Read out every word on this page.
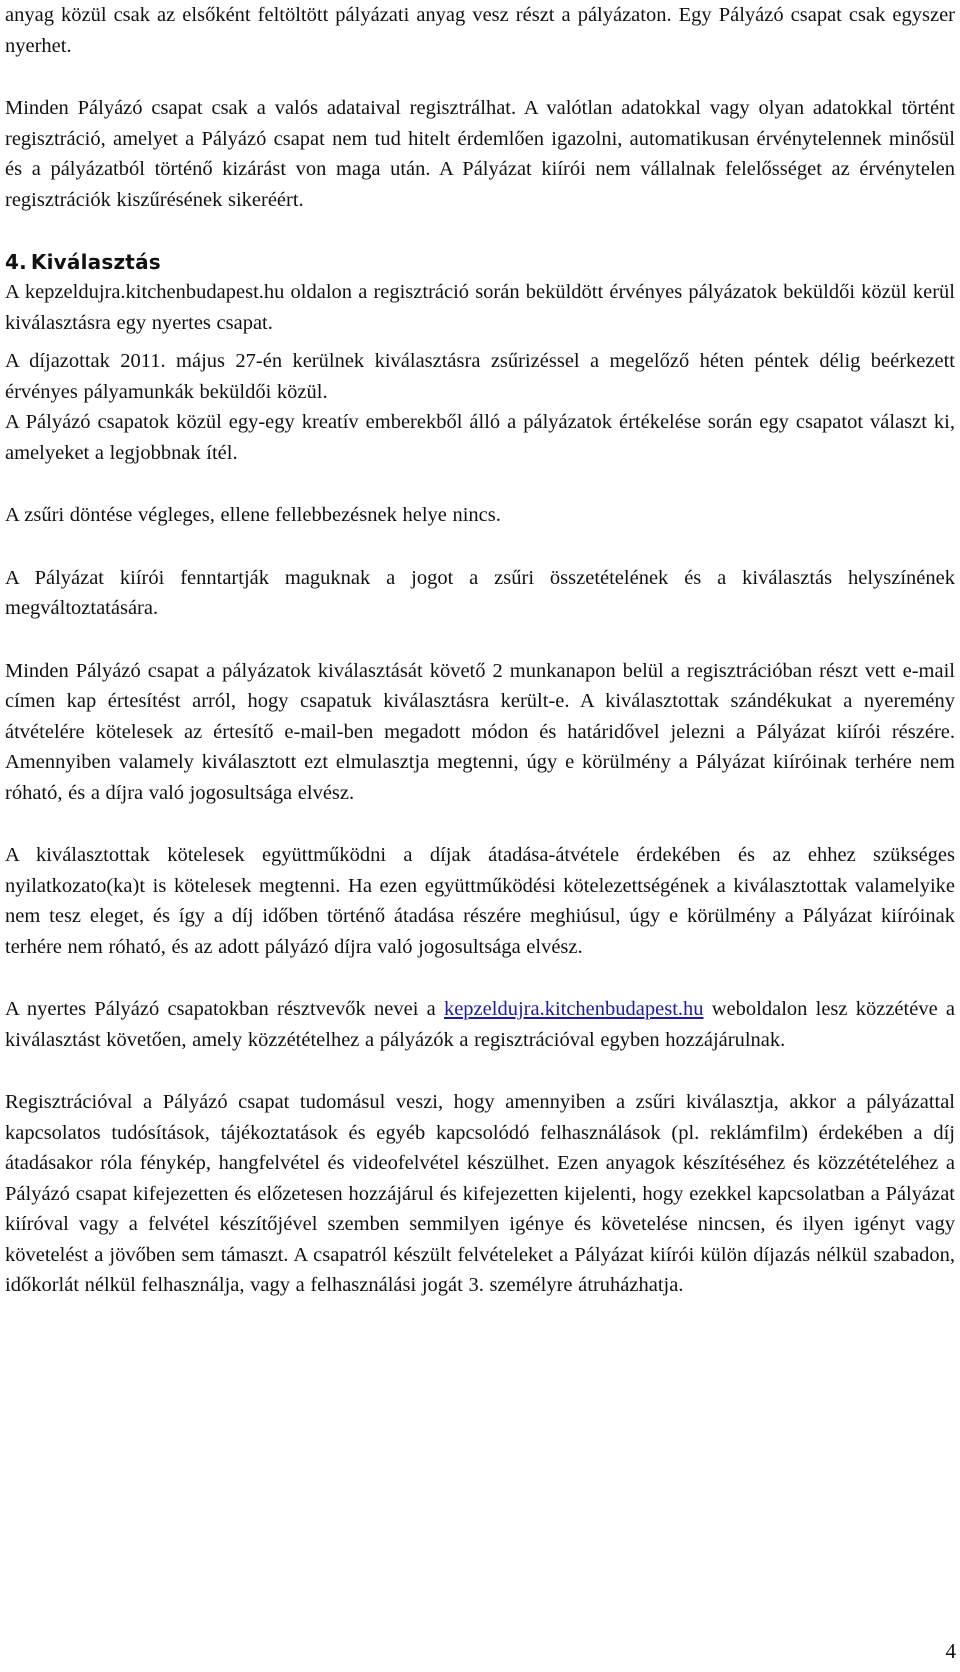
anyag közül csak az elsőként feltöltött pályázati anyag vesz részt a pályázaton. Egy Pályázó csapat csak egyszer nyerhet.

Minden Pályázó csapat csak a valós adataival regisztrálhat. A valótlan adatokkal vagy olyan adatokkal történt regisztráció, amelyet a Pályázó csapat nem tud hitelt érdemlően igazolni, automatikusan érvénytelennek minősül és a pályázatból történő kizárást von maga után. A Pályázat kiírói nem vállalnak felelősséget az érvénytelen regisztrációk kiszűrésének sikeréért.

4. Kiválasztás

A kepzeldujra.kitchenbudapest.hu oldalon a regisztráció során beküldött érvényes pályázatok beküldői közül kerül kiválasztásra egy nyertes csapat.

A díjazottak 2011. május 27-én kerülnek kiválasztásra zsűrizéssel a megelőző héten péntek délig beérkezett érvényes pályamunkák beküldői közül.

A Pályázó csapatok közül egy-egy kreatív emberekből álló a pályázatok értékelése során egy csapatot választ ki, amelyeket a legjobbnak ítél.

A zsűri döntése végleges, ellene fellebbezésnek helye nincs.

A Pályázat kiírói fenntartják maguknak a jogot a zsűri összetételének és a kiválasztás helyszínének megváltoztatására.

Minden Pályázó csapat a pályázatok kiválasztását követő 2 munkanapon belül a regisztrációban részt vett e-mail címen kap értesítést arról, hogy csapatuk kiválasztásra került-e. A kiválasztottak szándékukat a nyeremény átvételére kötelesek az értesítő e-mail-ben megadott módon és határidővel jelezni a Pályázat kiírói részére. Amennyiben valamely kiválasztott ezt elmulasztja megtenni, úgy e körülmény a Pályázat kiíróinak terhére nem róható, és a díjra való jogosultsága elvész.

A kiválasztottak kötelesek együttműködni a díjak átadása-átvétele érdekében és az ehhez szükséges nyilatkozato(ka)t is kötelesek megtenni. Ha ezen együttműködési kötelezettségének a kiválasztottak valamelyike nem tesz eleget, és így a díj időben történő átadása részére meghiúsul, úgy e körülmény a Pályázat kiíróinak terhére nem róható, és az adott pályázó díjra való jogosultsága elvész.

A nyertes Pályázó csapatokban résztvevők nevei a kepzeldujra.kitchenbudapest.hu weboldalon lesz közzétéve a kiválasztást követően, amely közzétételhez a pályázók a regisztrációval egyben hozzájárulnak.

Regisztrációval a Pályázó csapat tudomásul veszi, hogy amennyiben a zsűri kiválasztja, akkor a pályázattal kapcsolatos tudósítások, tájékoztatások és egyéb kapcsolódó felhasználások (pl. reklámfilm) érdekében a díj átadásakor róla fénykép, hangfelvétel és videofelvétel készülhet. Ezen anyagok készítéséhez és közzétételéhez a Pályázó csapat kifejezetten és előzetesen hozzájárul és kifejezetten kijelenti, hogy ezekkel kapcsolatban a Pályázat kiíróval vagy a felvétel készítőjével szemben semmilyen igénye és követelése nincsen, és ilyen igényt vagy követelést a jövőben sem támaszt. A csapatról készült felvételeket a Pályázat kiírói külön díjazás nélkül szabadon, időkorlát nélkül felhasználja, vagy a felhasználási jogát 3. személyre átruházhatja.

4
